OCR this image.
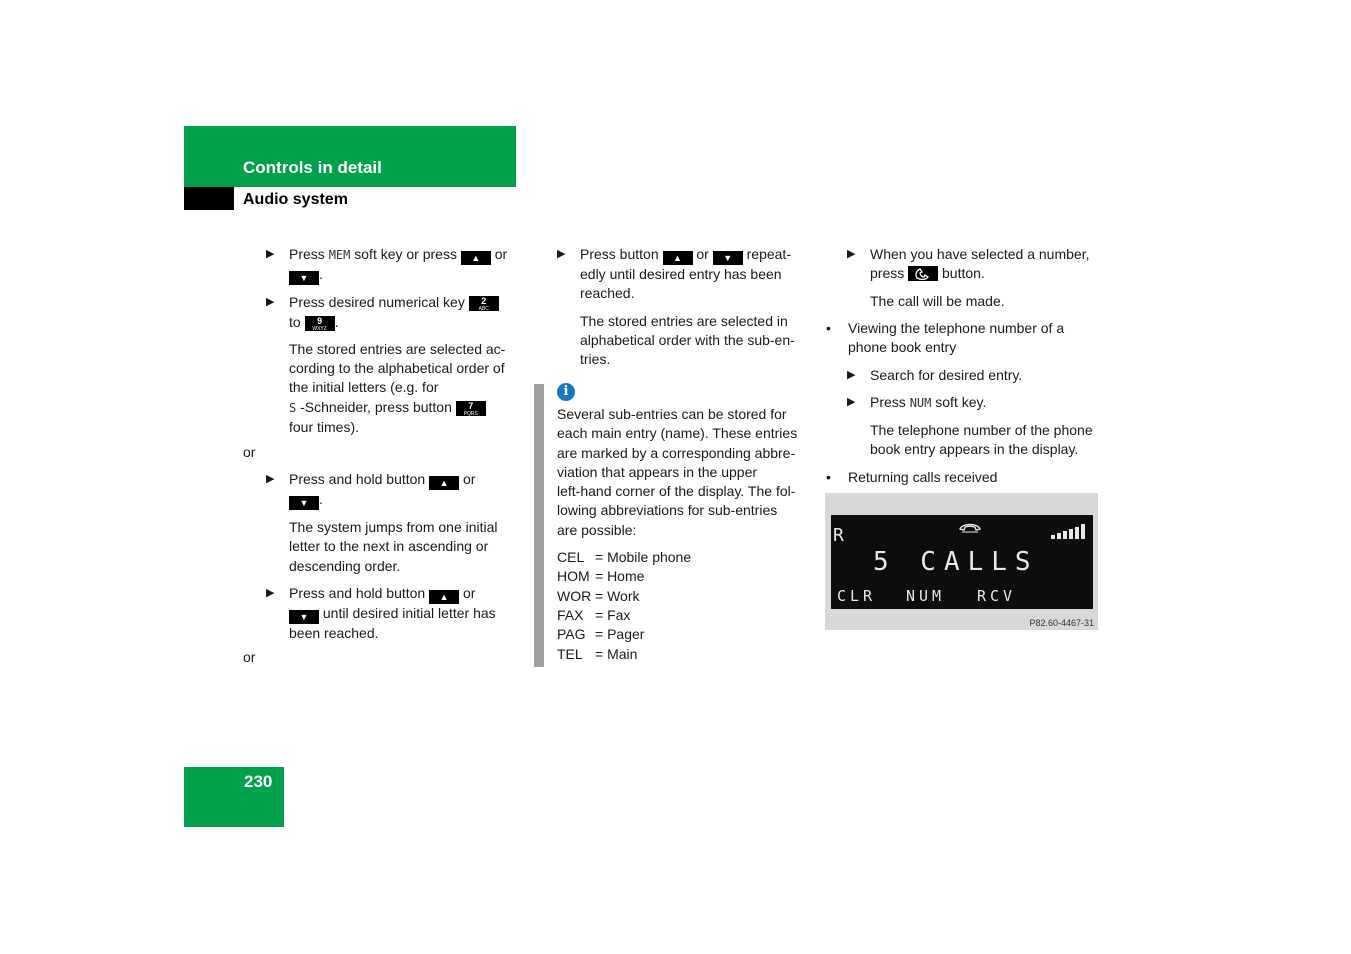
Controls in detail
Audio system
▶ Press MEM soft key or press ▲ or
▼ .
▶ Press desired numerical key	2
ABC

to	9
WXYZ .
The stored entries are selected ac-
cording to the alphabetical order of
the initial letters (e.g. for
S -Schneider, press button	7
PQRS
four times).
or
▶ Press and hold button ▲ or
▼ .
The system jumps from one initial
letter to the next in ascending or
descending order.
▶ Press and hold button ▲ or
▼ until desired initial letter has
been reached.
or
▶ Press button ▲ or ▼ repeat-
edly until desired entry has been
reached.
The stored entries are selected in
alphabetical order with the sub-en-
tries.
i
Several sub-entries can be stored for
each main entry (name). These entries
are marked by a corresponding abbre-
viation that appears in the upper
left-hand corner of the display. The fol-
lowing abbreviations for sub-entries
are possible:
CEL = Mobile phone
HOM = Home
WOR = Work
FAX = Fax
PAG = Pager
TEL = Main
▶ When you have selected a number,
press
button.
The call will be made.
• Viewing the telephone number of a
phone book entry
▶ Search for desired entry.
▶ Press NUM soft key.
The telephone number of the phone
book entry appears in the display.
• Returning calls received
R
5 CALLS
CLR NUM RCV
P82.60-4467-31
230
